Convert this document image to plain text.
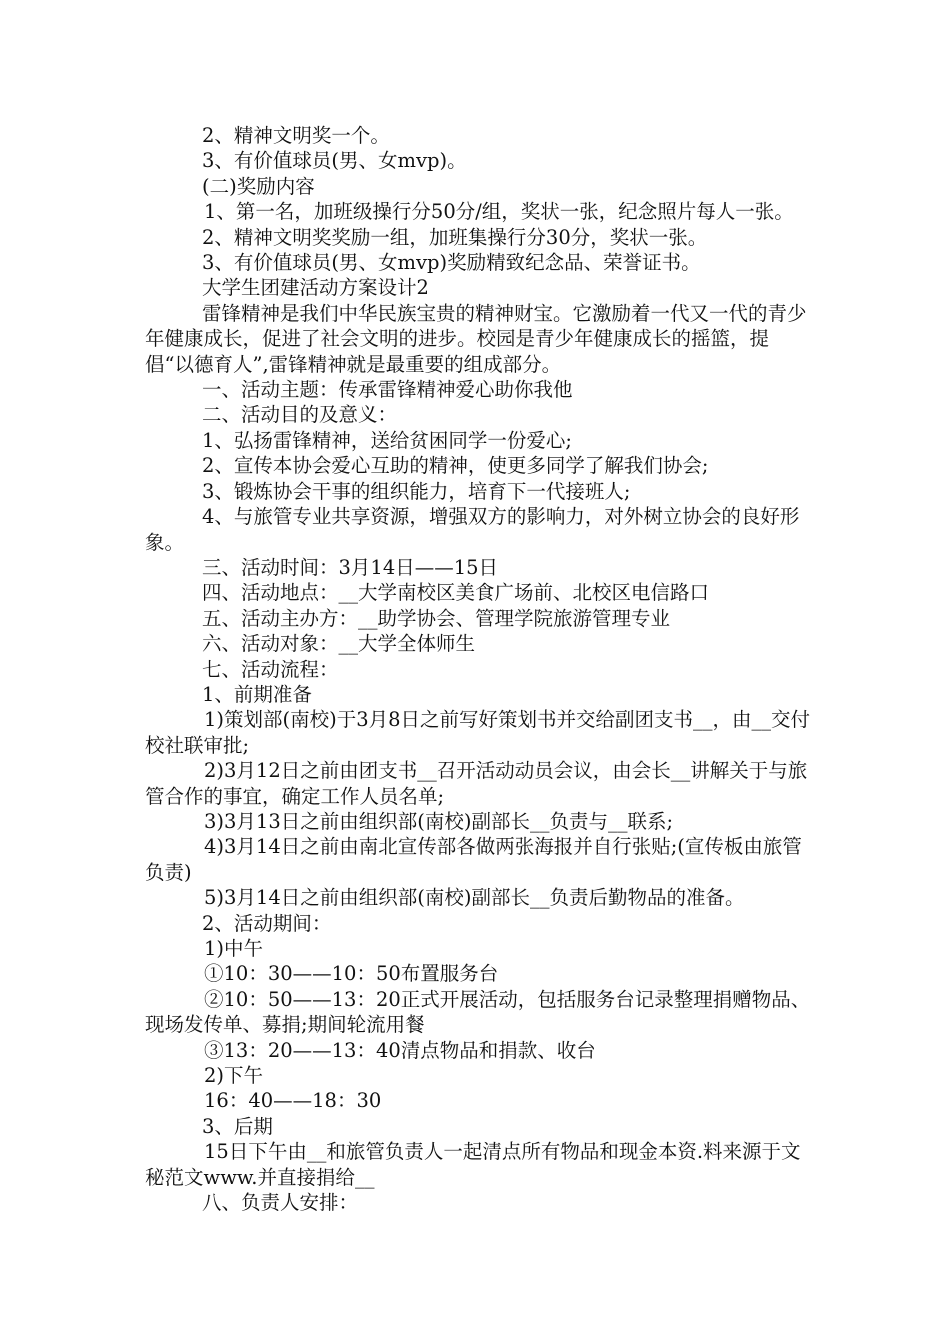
2、精神文明奖一个。

3、有价值球员(男、女mvp)。

(二)奖励内容

1、第一名，加班级操行分50分/组，奖状一张，纪念照片每人一张。

2、精神文明奖奖励一组，加班集操行分30分，奖状一张。

3、有价值球员(男、女mvp)奖励精致纪念品、荣誉证书。

大学生团建活动方案设计2

雷锋精神是我们中华民族宝贵的精神财宝。它激励着一代又一代的青少年健康成长，促进了社会文明的进步。校园是青少年健康成长的摇篮，提倡“以德育人”,雷锋精神就是最重要的组成部分。

一、活动主题：传承雷锋精神爱心助你我他

二、活动目的及意义：

1、弘扬雷锋精神，送给贫困同学一份爱心;

2、宣传本协会爱心互助的精神，使更多同学了解我们协会;

3、锻炼协会干事的组织能力，培育下一代接班人;

4、与旅管专业共享资源，增强双方的影响力，对外树立协会的良好形象。

三、活动时间：3月14日——15日

四、活动地点：__大学南校区美食广场前、北校区电信路口

五、活动主办方：__助学协会、管理学院旅游管理专业

六、活动对象：__大学全体师生

七、活动流程：

1、前期准备

1)策划部(南校)于3月8日之前写好策划书并交给副团支书__，由__交付校社联审批;

2)3月12日之前由团支书__召开活动动员会议，由会长__讲解关于与旅管合作的事宜，确定工作人员名单;

3)3月13日之前由组织部(南校)副部长__负责与__联系;

4)3月14日之前由南北宣传部各做两张海报并自行张贴;(宣传板由旅管负责)

5)3月14日之前由组织部(南校)副部长__负责后勤物品的准备。

2、活动期间：

1)中午

①10：30——10：50布置服务台

②10：50——13：20正式开展活动，包括服务台记录整理捐赠物品、现场发传单、募捐;期间轮流用餐

③13：20——13：40清点物品和捐款、收台

2)下午

16：40——18：30

3、后期

15日下午由__和旅管负责人一起清点所有物品和现金本资.料来源于文秘范文www.并直接捐给__

八、负责人安排：
